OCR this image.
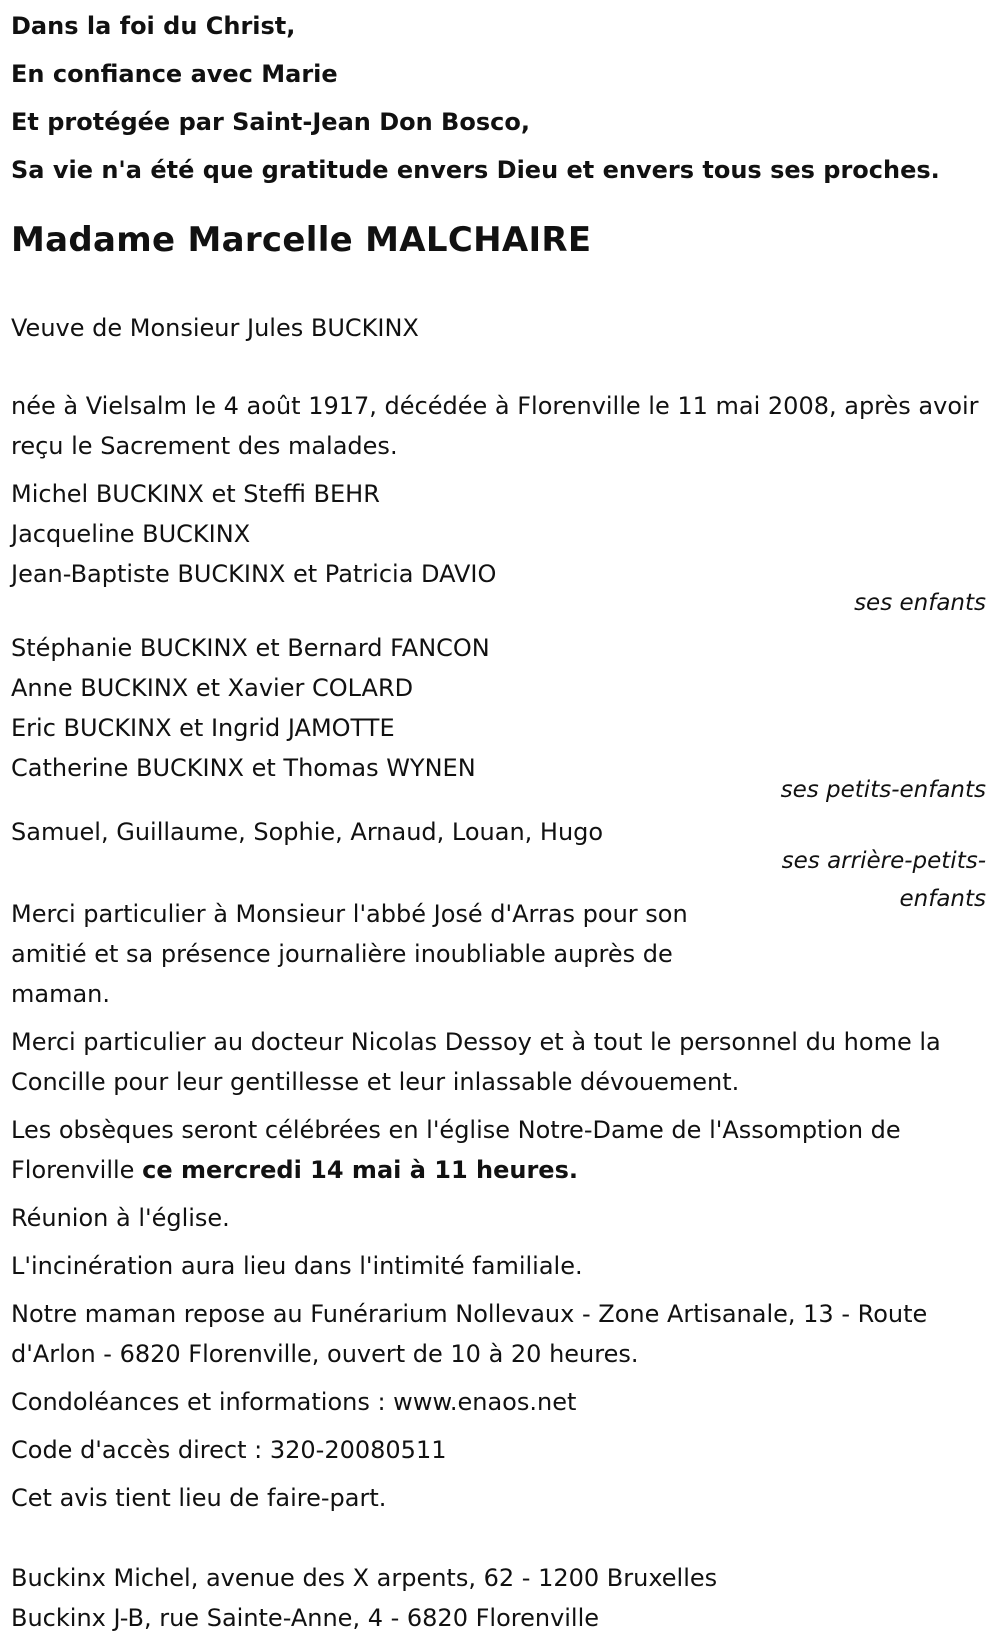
Dans la foi du Christ,

En confiance avec Marie

Et protégée par Saint-Jean Don Bosco,

Sa vie n'a été que gratitude envers Dieu et envers tous ses proches.

Madame Marcelle MALCHAIRE

Veuve de Monsieur Jules BUCKINX

née à Vielsalm le 4 août 1917, décédée à Florenville le 11 mai 2008, après avoir reçu le Sacrement des malades.

Michel BUCKINX et Steffi BEHR

Jacqueline BUCKINX

Jean-Baptiste BUCKINX et Patricia DAVIO

ses enfants

Stéphanie BUCKINX et Bernard FANCON

Anne BUCKINX et Xavier COLARD

Eric BUCKINX et Ingrid JAMOTTE

Catherine BUCKINX et Thomas WYNEN

ses petits-enfants

Samuel, Guillaume, Sophie, Arnaud, Louan, Hugo

ses arrière-petits-

enfants

Merci particulier à Monsieur l'abbé José d'Arras pour son amitié et sa présence journalière inoubliable auprès de maman.

Merci particulier au docteur Nicolas Dessoy et à tout le personnel du home la Concille pour leur gentillesse et leur inlassable dévouement.

Les obsèques seront célébrées en l'église Notre-Dame de l'Assomption de Florenville ce mercredi 14 mai à 11 heures.

Réunion à l'église.

L'incinération aura lieu dans l'intimité familiale.

Notre maman repose au Funérarium Nollevaux - Zone Artisanale, 13 - Route d'Arlon - 6820 Florenville, ouvert de 10 à 20 heures.

Condoléances et informations : www.enaos.net

Code d'accès direct : 320-20080511

Cet avis tient lieu de faire-part.

Buckinx Michel, avenue des X arpents, 62 - 1200 Bruxelles

Buckinx J-B, rue Sainte-Anne, 4 - 6820 Florenville
